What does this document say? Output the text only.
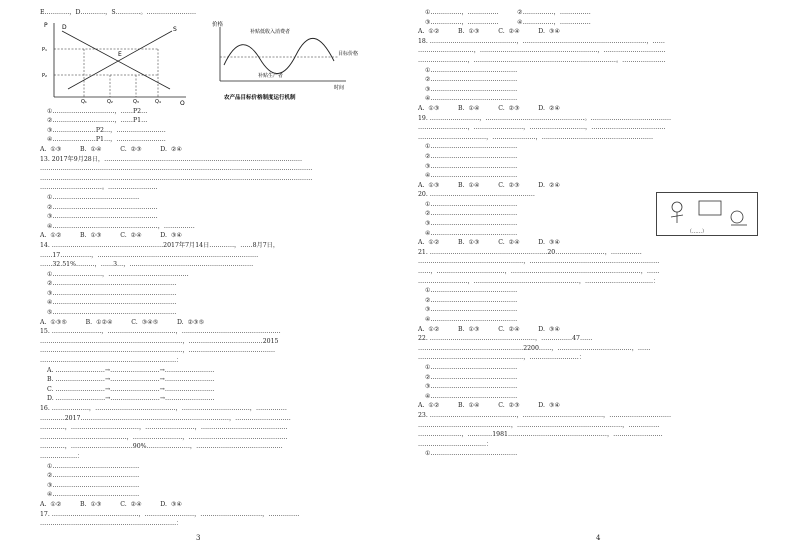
E…………，D…………，S…………。……………………
P
Q
D	S
E
P₁
P₂
Q₁	Q₂	Q₃	Q₄
价格
时间
补贴低收入消费者
补贴生产者
目标价格
农产品目标价格制度运行机制
①…………………………，……P2…
②…………………………，……P1…
③…………………P2…，……………………
④…………………P1…，……………………
A. ①③　　　B. ①④　　　C. ②③　　　D. ②④
13. 2017年9月28日，……………………………………………………………………………………
……………………………………………………………………………………………………………………
……………………………………………………………………………………………………………………
…………………………。……………………
①……………………………………
②……………………………………………
③……………………………………………
④……………………………………………，……………
A. ①②　　　B. ①③　　　C. ②④　　　D. ③④
14. ………………………………………………2017年7月14日…………，……8月7日，
……17……………，……………………………………………………………………
……32.51%………，……3…，……………………………………………………
①……………………，…………………………………
②……………………………………………………
③……………………………………………………
④……………………………………………………
⑤……………………………………………………
A. ①③⑤　　　B. ①②④　　　C. ③④⑤　　　D. ②③⑤
15. ……………………，……………………………，…………………………………………
……………………………………………………………，………………………………2015
……………………………………………………………，……………………………………
…………………………………………………………：
A. ……………………→……………………→……………………
B. ……………………→……………………→……………………
C. ……………………→……………………→……………………
D. ……………………→……………………→……………………
16. ………………，…………………………………，……………………………，……………
…………2017………………………………………………………………，………………………
…………，……………………………，……………………，……………………………………
……………………………………，……………………，…………………………………………
…………，…………………………90%…………………，……………………………………
………………：
①……………………………………
②……………………………………
③……………………………………
④……………………………………
A. ①②　　　B. ①③　　　C. ②④　　　D. ③④
17. ……………………………………，……………………，…………………………，……………
…………………………………………………………：
①……………，……………　　　②……………，……………
③……………，……………　　　④……………，……………
A. ①②　　　B. ①③　　　C. ②④　　　D. ③④
18. ……………………………………，……………………………………………………，……
………………………，…………………………………………………，…………………………
……………………，……………………………………………………………。…………………
①……………………………………
②……………………………………
③……………………………………
④……………………………………
A. ①③　　　B. ①④　　　C. ②③　　　D. ②④
19. ……………………，…………………………………………。…………………………………
……………………，……………………，………………………，………………………………
……………………………，…………………，………………………………………………
①……………………………………
②……………………………………
③……………………………………
④……………………………………
A. ①③　　　B. ①④　　　C. ②③　　　D. ②④
20. ……………………………………………
①……………………………………
②……………………………………
③……………………………………
④……………………………………
A. ①②　　　B. ①③　　　C. ②④　　　D. ③④
（……）
21. …………………………………………………20……………………，……………
……………………………………………，………………………………………………………
……，……………………………，………………………………………………………，……
……………………，……………………………………………，……………………………：
①……………………………………
②……………………………………
③……………………………………
④……………………………………
A. ①②　　　B. ①③　　　C. ②④　　　D. ③④
22. ……………………………………………，……………47……
……………………………………………2200……，………………………………，……
……………………………………………，……………………：
①……………………………………
②……………………………………
③……………………………………
④……………………………………
A. ①②　　　B. ①④　　　C. ②③　　　D. ③④
23. ……………………………………，…………………………………，…………………………
………………………………………，……………………………………………，……………
…………………，…………1981…………………………………………，……………………
……………………………：
①……………………………………
3	4
